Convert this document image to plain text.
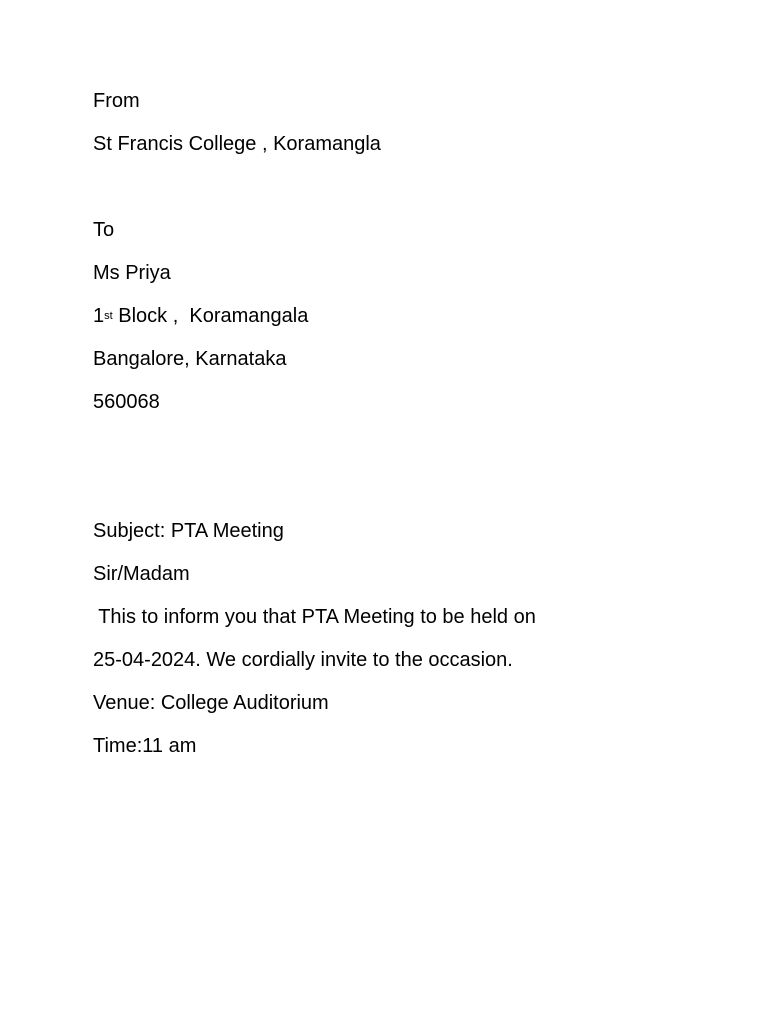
From

St Francis College , Koramangla

To

Ms Priya

1st Block ,  Koramangala

Bangalore, Karnataka

560068

Subject: PTA Meeting

Sir/Madam

This to inform you that PTA Meeting to be held on

25-04-2024. We cordially invite to the occasion.

Venue: College Auditorium

Time:11 am
